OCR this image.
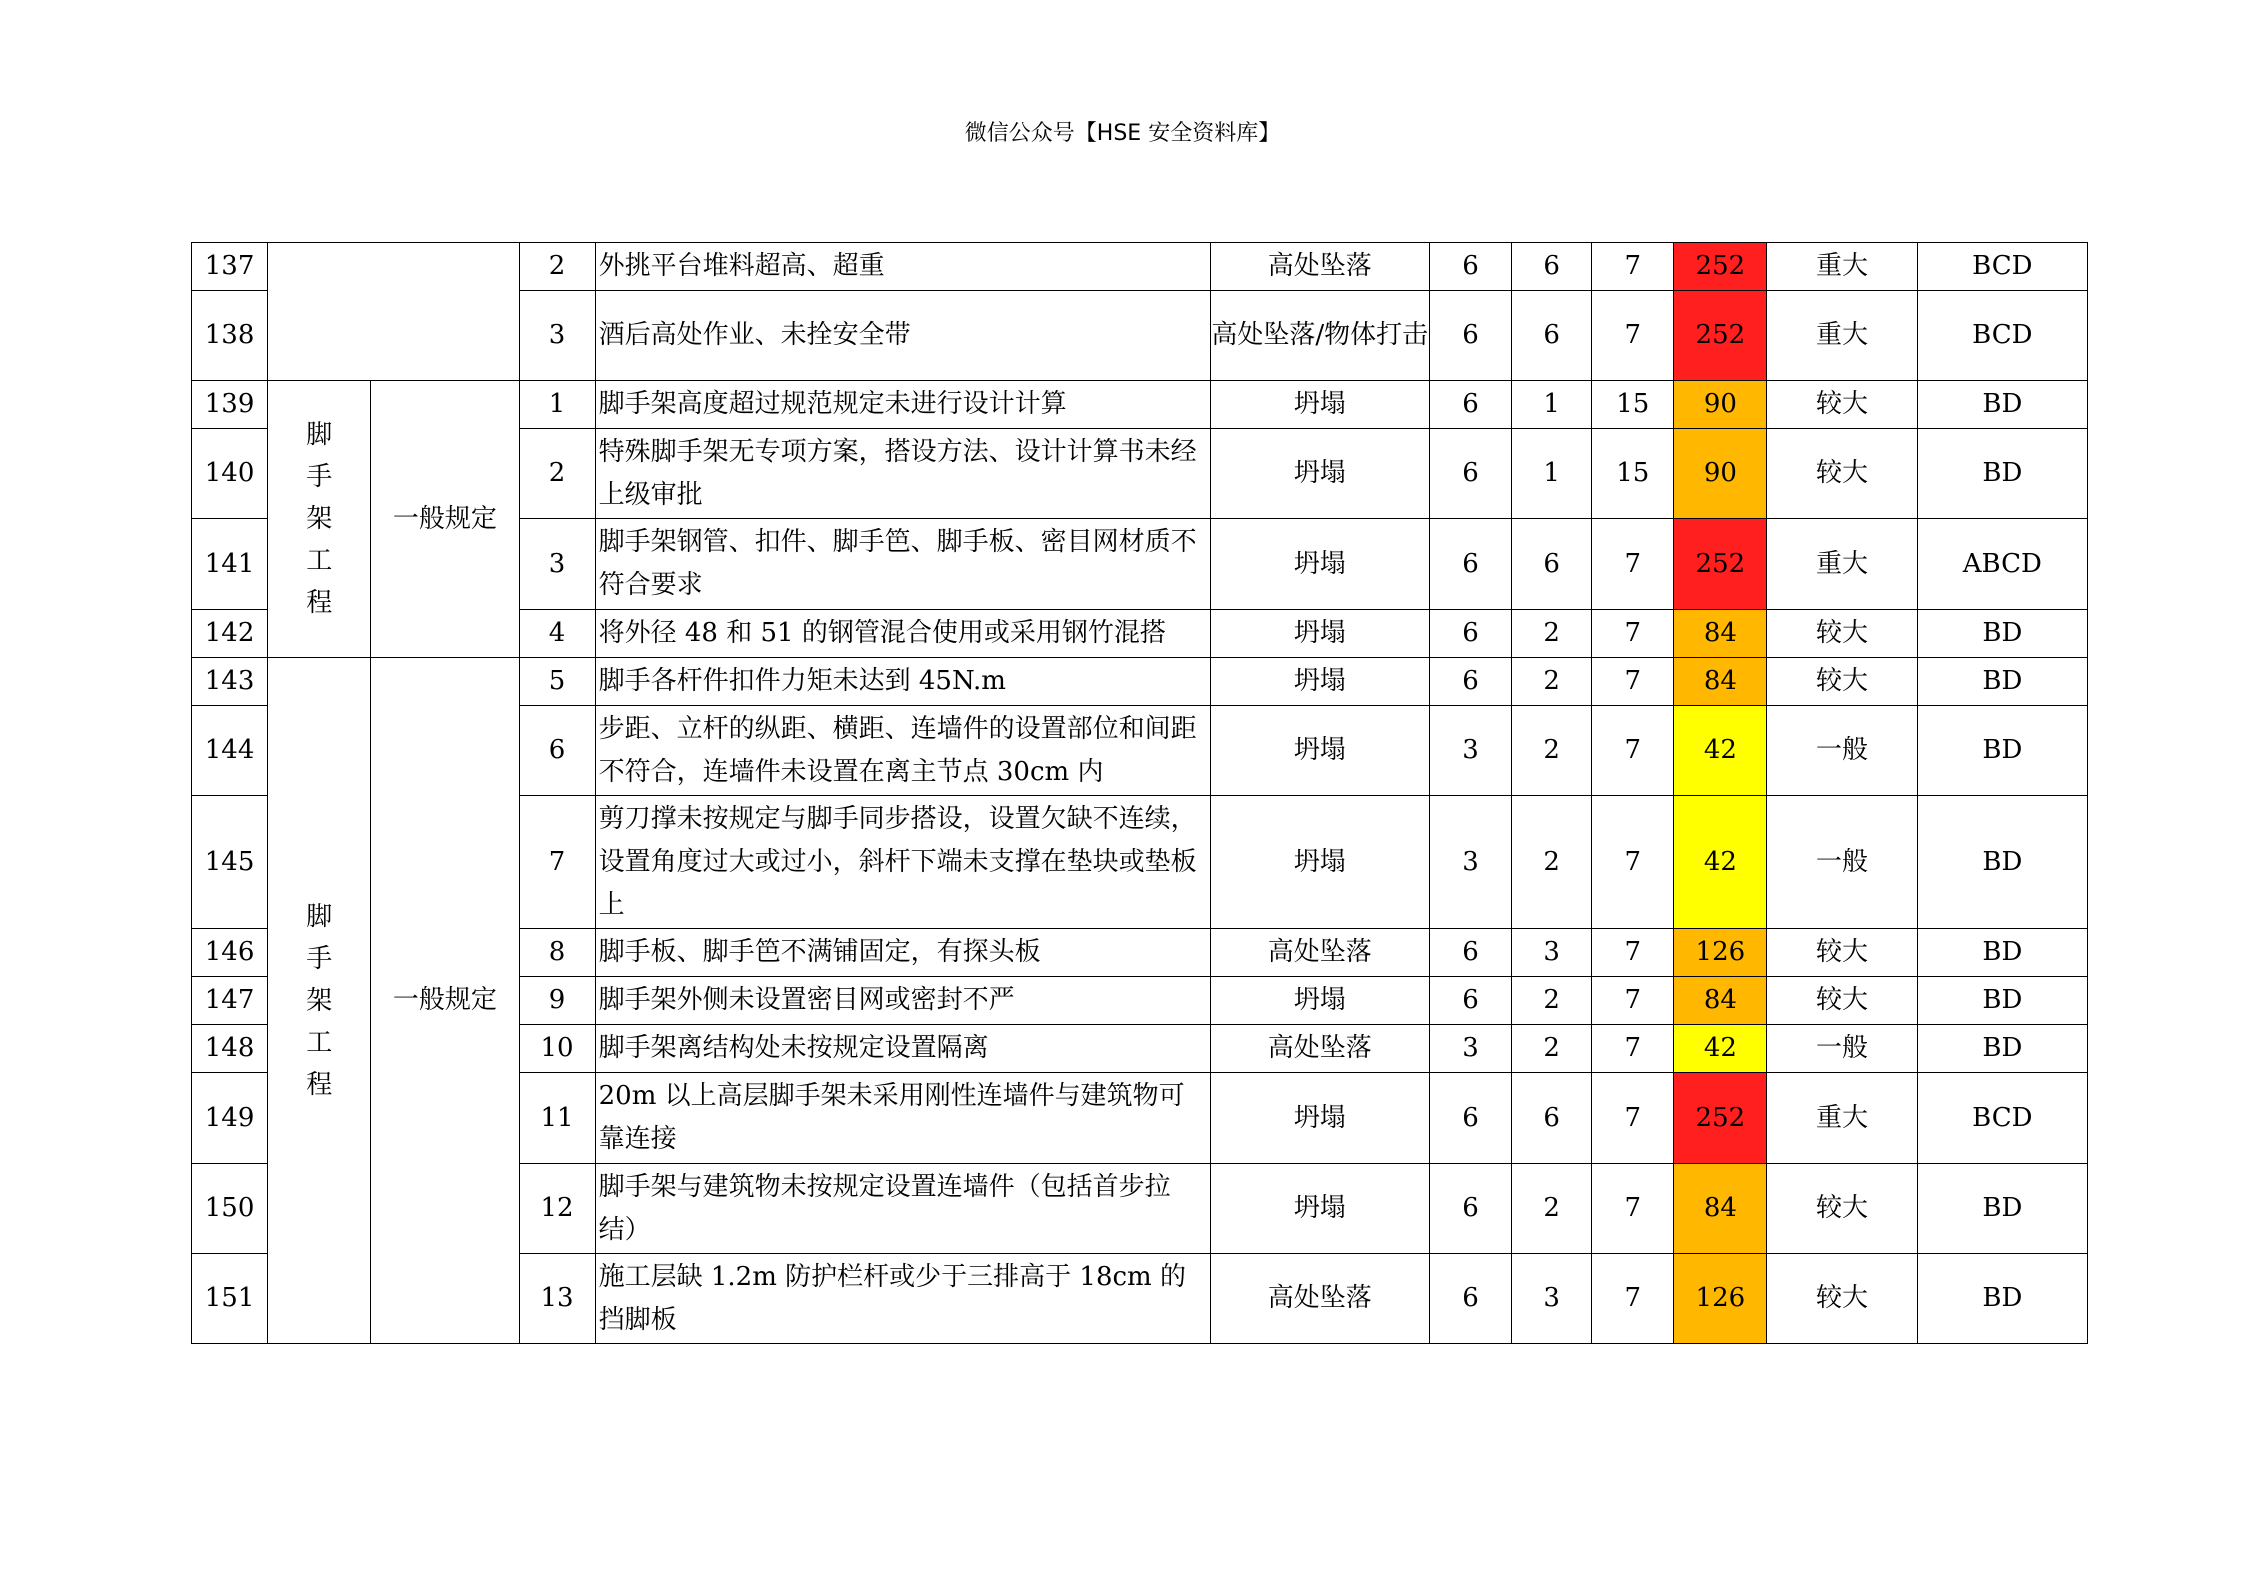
微信公众号【HSE 安全资料库】
137			2	外挑平台堆料超高、超重	高处坠落	6	6	7	252	重大	BCD
138			3	酒后高处作业、未拴安全带	高处坠落/物体打击	6	6	7	252	重大	BCD
139	脚手架工程	一般规定	1	脚手架高度超过规范规定未进行设计计算	坍塌	6	1	15	90	较大	BD
140			2	特殊脚手架无专项方案，搭设方法、设计计算书未经上级审批	坍塌	6	1	15	90	较大	BD
141			3	脚手架钢管、扣件、脚手笆、脚手板、密目网材质不符合要求	坍塌	6	6	7	252	重大	ABCD
142			4	将外径 48 和 51 的钢管混合使用或采用钢竹混搭	坍塌	6	2	7	84	较大	BD
143	脚手架工程	一般规定	5	脚手各杆件扣件力矩未达到 45N.m	坍塌	6	2	7	84	较大	BD
144			6	步距、立杆的纵距、横距、连墙件的设置部位和间距不符合，连墙件未设置在离主节点 30cm 内	坍塌	3	2	7	42	一般	BD
145			7	剪刀撑未按规定与脚手同步搭设，设置欠缺不连续，设置角度过大或过小，斜杆下端未支撑在垫块或垫板上	坍塌	3	2	7	42	一般	BD
146			8	脚手板、脚手笆不满铺固定，有探头板	高处坠落	6	3	7	126	较大	BD
147			9	脚手架外侧未设置密目网或密封不严	坍塌	6	2	7	84	较大	BD
148			10	脚手架离结构处未按规定设置隔离	高处坠落	3	2	7	42	一般	BD
149			11	20m 以上高层脚手架未采用刚性连墙件与建筑物可靠连接	坍塌	6	6	7	252	重大	BCD
150			12	脚手架与建筑物未按规定设置连墙件（包括首步拉结）	坍塌	6	2	7	84	较大	BD
151			13	施工层缺 1.2m 防护栏杆或少于三排高于 18cm 的挡脚板	高处坠落	6	3	7	126	较大	BD
